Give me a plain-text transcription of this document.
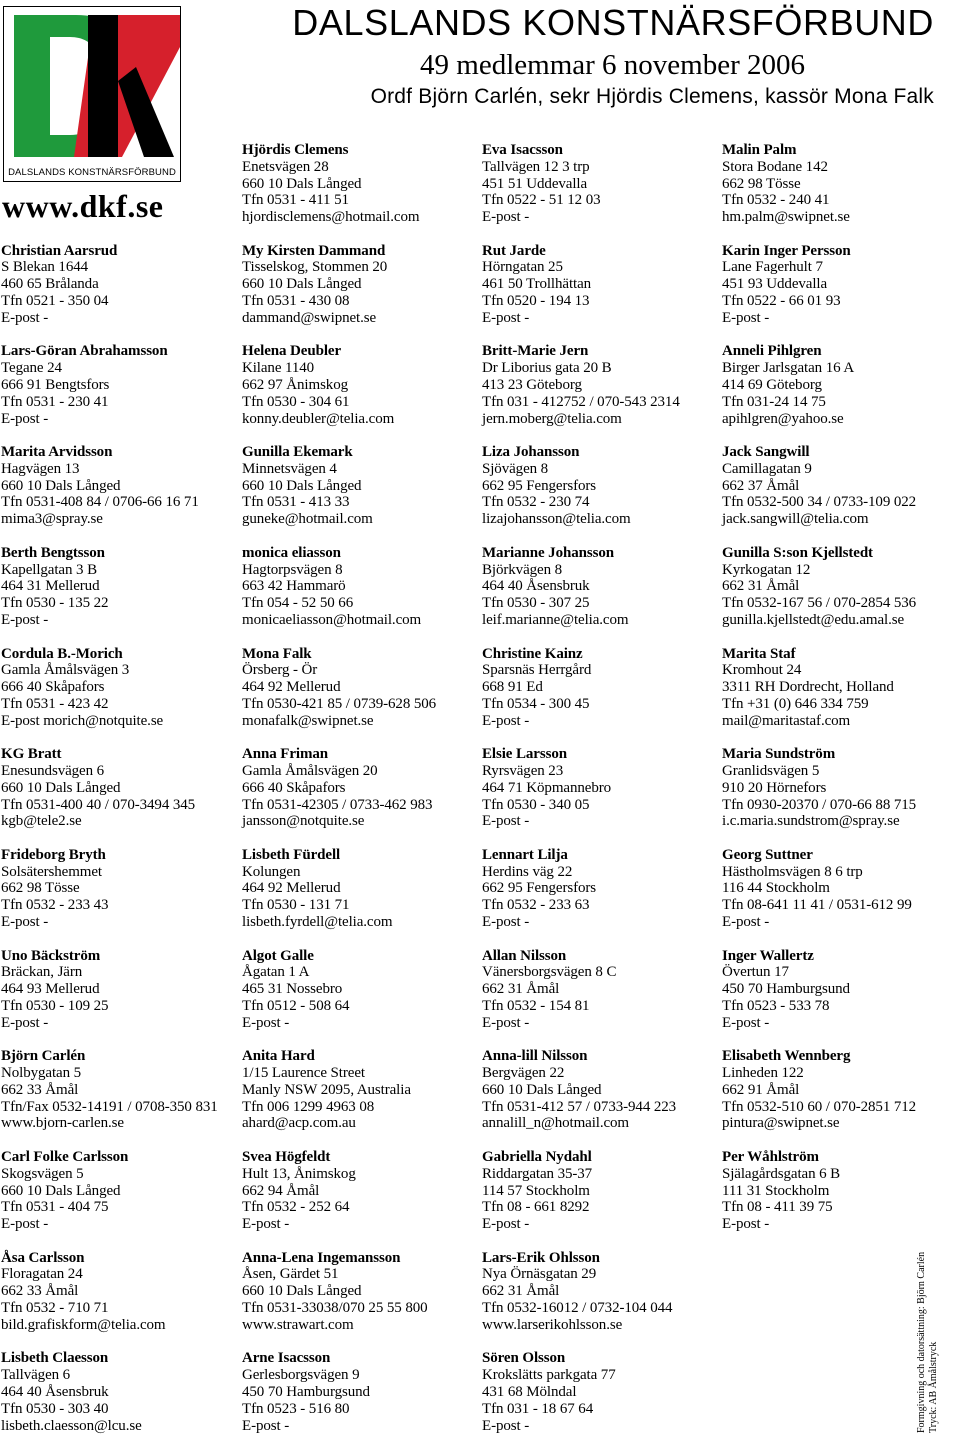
DALSLANDS KONSTNÄRSFÖRBUND
www.dkf.se
DALSLANDS KONSTNÄRSFÖRBUND
49 medlemmar 6 november 2006
Ordf Björn Carlén, sekr Hjördis Clemens, kassör Mona Falk
Christian Aarsrud
S Blekan 1644
460 65 Brålanda
Tfn 0521 - 350 04
E-post -
Lars-Göran Abrahamsson
Tegane 24
666 91 Bengtsfors
Tfn 0531 - 230 41
E-post -
Marita Arvidsson
Hagvägen 13
660 10 Dals Långed
Tfn 0531-408 84 / 0706-66 16 71
mima3@spray.se
Berth Bengtsson
Kapellgatan 3 B
464 31 Mellerud
Tfn 0530 - 135 22
E-post -
Cordula B.-Morich
Gamla Åmålsvägen 3
666 40 Skåpafors
Tfn 0531 - 423 42
E-post morich@notquite.se
KG Bratt
Enesundsvägen 6
660 10 Dals Långed
Tfn 0531-400 40 / 070-3494 345
kgb@tele2.se
Frideborg Bryth
Solsätershemmet
662 98 Tösse
Tfn 0532 - 233 43
E-post -
Uno Bäckström
Bräckan, Järn
464 93 Mellerud
Tfn 0530 - 109 25
E-post -
Björn Carlén
Nolbygatan 5
662 33 Åmål
Tfn/Fax 0532-14191 / 0708-350 831
www.bjorn-carlen.se
Carl Folke Carlsson
Skogsvägen 5
660 10 Dals Långed
Tfn 0531 - 404 75
E-post -
Åsa Carlsson
Floragatan 24
662 33 Åmål
Tfn 0532 - 710 71
bild.grafiskform@telia.com
Lisbeth Claesson
Tallvägen 6
464 40 Åsensbruk
Tfn 0530 - 303 40
lisbeth.claesson@lcu.se
Hjördis Clemens
Enetsvägen 28
660 10 Dals Långed
Tfn 0531 - 411 51
hjordisclemens@hotmail.com
My Kirsten Dammand
Tisselskog, Stommen 20
660 10 Dals Långed
Tfn 0531 - 430 08
dammand@swipnet.se
Helena Deubler
Kilane 1140
662 97 Ånimskog
Tfn 0530 - 304 61
konny.deubler@telia.com
Gunilla Ekemark
Minnetsvägen 4
660 10 Dals Långed
Tfn 0531 - 413 33
guneke@hotmail.com
monica eliasson
Hagtorpsvägen 8
663 42 Hammarö
Tfn 054 - 52 50 66
monicaeliasson@hotmail.com
Mona Falk
Örsberg - Ör
464 92 Mellerud
Tfn 0530-421 85 / 0739-628 506
monafalk@swipnet.se
Anna Friman
Gamla Åmålsvägen 20
666 40 Skåpafors
Tfn 0531-42305 / 0733-462 983
jansson@notquite.se
Lisbeth Fürdell
Kolungen
464 92 Mellerud
Tfn 0530 - 131 71
lisbeth.fyrdell@telia.com
Algot Galle
Ågatan 1 A
465 31 Nossebro
Tfn 0512 - 508 64
E-post -
Anita Hard
1/15 Laurence Street
Manly NSW 2095, Australia
Tfn 006 1299 4963 08
ahard@acp.com.au
Svea Högfeldt
Hult 13, Ånimskog
662 94 Åmål
Tfn 0532 - 252 64
E-post -
Anna-Lena Ingemansson
Åsen, Gärdet 51
660 10 Dals Långed
Tfn 0531-33038/070 25 55 800
www.strawart.com
Arne Isacsson
Gerlesborgsvägen 9
450 70 Hamburgsund
Tfn 0523 - 516 80
E-post -
Eva Isacsson
Tallvägen 12 3 trp
451 51 Uddevalla
Tfn 0522 - 51 12 03
E-post -
Rut Jarde
Hörngatan 25
461 50 Trollhättan
Tfn 0520 - 194 13
E-post -
Britt-Marie Jern
Dr Liborius gata 20 B
413 23 Göteborg
Tfn 031 - 412752 / 070-543 2314
jern.moberg@telia.com
Liza Johansson
Sjövägen 8
662 95 Fengersfors
Tfn 0532 - 230 74
lizajohansson@telia.com
Marianne Johansson
Björkvägen 8
464 40 Åsensbruk
Tfn 0530 - 307 25
leif.marianne@telia.com
Christine Kainz
Sparsnäs Herrgård
668 91 Ed
Tfn 0534 - 300 45
E-post -
Elsie Larsson
Ryrsvägen 23
464 71 Köpmannebro
Tfn 0530 - 340 05
E-post -
Lennart Lilja
Herdins väg 22
662 95 Fengersfors
Tfn 0532 - 233 63
E-post -
Allan Nilsson
Vänersborgsvägen 8 C
662 31 Åmål
Tfn 0532 - 154 81
E-post -
Anna-lill Nilsson
Bergvägen 22
660 10 Dals Långed
Tfn 0531-412 57 / 0733-944 223
annalill_n@hotmail.com
Gabriella Nydahl
Riddargatan 35-37
114 57 Stockholm
Tfn 08 - 661 8292
E-post -
Lars-Erik Ohlsson
Nya Örnäsgatan 29
662 31 Åmål
Tfn 0532-16012 / 0732-104 044
www.larserikohlsson.se
Sören Olsson
Krokslätts parkgata 77
431 68 Mölndal
Tfn 031 - 18 67 64
E-post -
Malin Palm
Stora Bodane 142
662 98 Tösse
Tfn 0532 - 240 41
hm.palm@swipnet.se
Karin Inger Persson
Lane Fagerhult 7
451 93 Uddevalla
Tfn 0522 - 66 01 93
E-post -
Anneli Pihlgren
Birger Jarlsgatan 16 A
414 69 Göteborg
Tfn 031-24 14 75
apihlgren@yahoo.se
Jack Sangwill
Camillagatan 9
662 37 Åmål
Tfn 0532-500 34 / 0733-109 022
jack.sangwill@telia.com
Gunilla S:son Kjellstedt
Kyrkogatan 12
662 31 Åmål
Tfn 0532-167 56 / 070-2854 536
gunilla.kjellstedt@edu.amal.se
Marita Staf
Kromhout 24
3311 RH Dordrecht, Holland
Tfn +31 (0) 646 334 759
mail@maritastaf.com
Maria Sundström
Granlidsvägen 5
910 20 Hörnefors
Tfn 0930-20370 / 070-66 88 715
i.c.maria.sundstrom@spray.se
Georg Suttner
Hästholmsvägen 8 6 trp
116 44 Stockholm
Tfn 08-641 11 41 / 0531-612 99
E-post -
Inger Wallertz
Övertun 17
450 70 Hamburgsund
Tfn 0523 - 533 78
E-post -
Elisabeth Wennberg
Linheden 122
662 91 Åmål
Tfn 0532-510 60 / 070-2851 712
pintura@swipnet.se
Per Wåhlström
Själagårdsgatan 6 B
111 31 Stockholm
Tfn 08 - 411 39 75
E-post -
Formgivning och datorsättning: Björn Carlén Tryck: AB Åmålstryck
